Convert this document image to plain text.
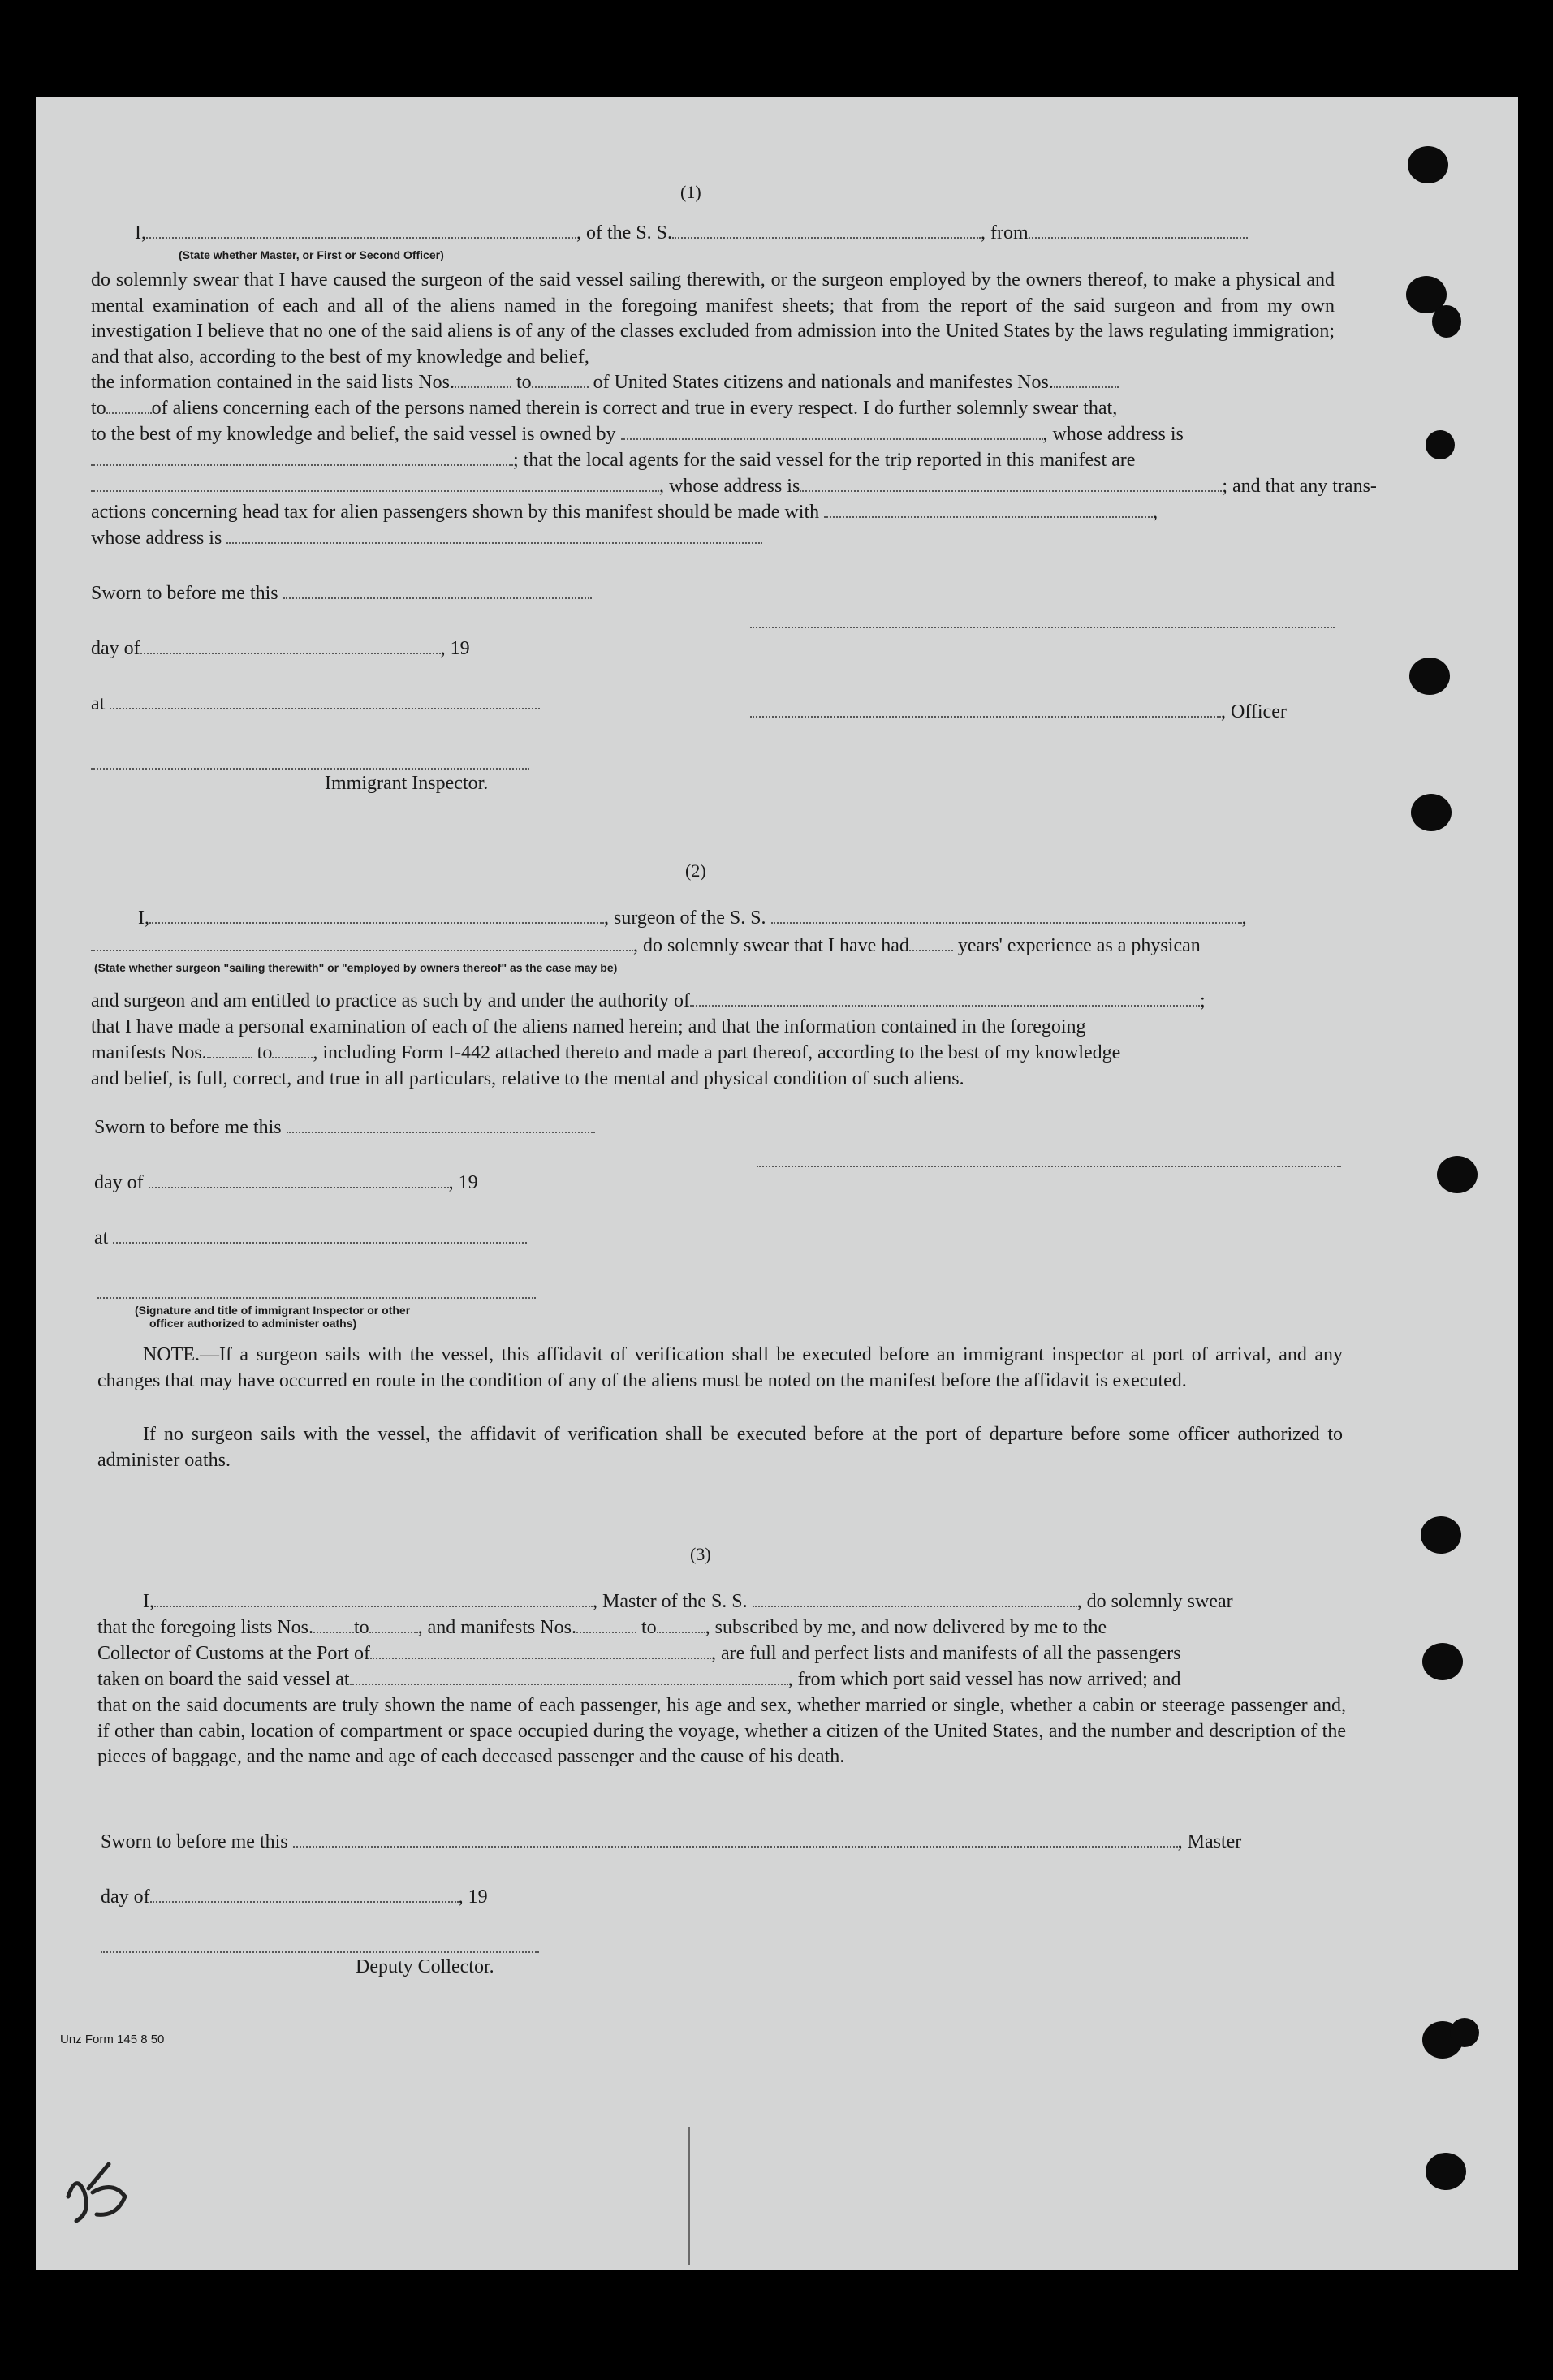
(1)
I,	, of the S. S.	, from
(State whether Master, or First or Second Officer)
do solemnly swear that I have caused the surgeon of the said vessel sailing therewith, or the surgeon employed by the owners thereof, to make a physical and mental examination of each and all of the aliens named in the foregoing manifest sheets; that from the report of the said surgeon and from my own investigation I believe that no one of the said aliens is of any of the classes excluded from admission into the United States by the laws regulating immigration; and that also, according to the best of my knowledge and belief,
the information contained in the said lists Nos.	to	of United States citizens and nationals and manifestes Nos.
to of aliens concerning each of the persons named therein is correct and true in every respect. I do further solemnly swear that,
to the best of my knowledge and belief, the said vessel is owned by	, whose address is
; that the local agents for the said vessel for the trip reported in this manifest are
, whose address is	; and that any trans-
actions concerning head tax for alien passengers shown by this manifest should be made with	,
whose address is
Sworn to before me this
day of	, 19
at	, Officer
Immigrant Inspector.
(2)
I,	, surgeon of the S. S.	,
, do solemnly swear that I have had	years' experience as a physican
(State whether surgeon "sailing therewith" or "employed by owners thereof" as the case may be)
and surgeon and am entitled to practice as such by and under the authority of	;
that I have made a personal examination of each of the aliens named herein; and that the information contained in the foregoing
manifests Nos.	to , including Form I-442 attached thereto and made a part thereof, according to the best of my knowledge
and belief, is full, correct, and true in all particulars, relative to the mental and physical condition of such aliens.
Sworn to before me this
day of	, 19
at
(Signature and title of immigrant Inspector or other
officer authorized to administer oaths)
NOTE.—If a surgeon sails with the vessel, this affidavit of verification shall be executed before an immigrant inspector at port of arrival, and any changes that may have occurred en route in the condition of any of the aliens must be noted on the manifest before the affidavit is executed.
If no surgeon sails with the vessel, the affidavit of verification shall be executed before at the port of departure before some officer authorized to administer oaths.
(3)
I,	, Master of the S. S.	, do solemnly swear
that the foregoing lists Nos. to	, and manifests Nos.	to	, subscribed by me, and now delivered by me to the
Collector of Customs at the Port of	, are full and perfect lists and manifests of all the passengers
taken on board the said vessel at	, from which port said vessel has now arrived; and
that on the said documents are truly shown the name of each passenger, his age and sex, whether married or single, whether a cabin or steerage passenger and, if other than cabin, location of compartment or space occupied during the voyage, whether a citizen of the United States, and the number and description of the pieces of baggage, and the name and age of each deceased passenger and the cause of his death.
Sworn to before me this	, Master
day of	, 19
Deputy Collector.
Unz Form 145 8 50
